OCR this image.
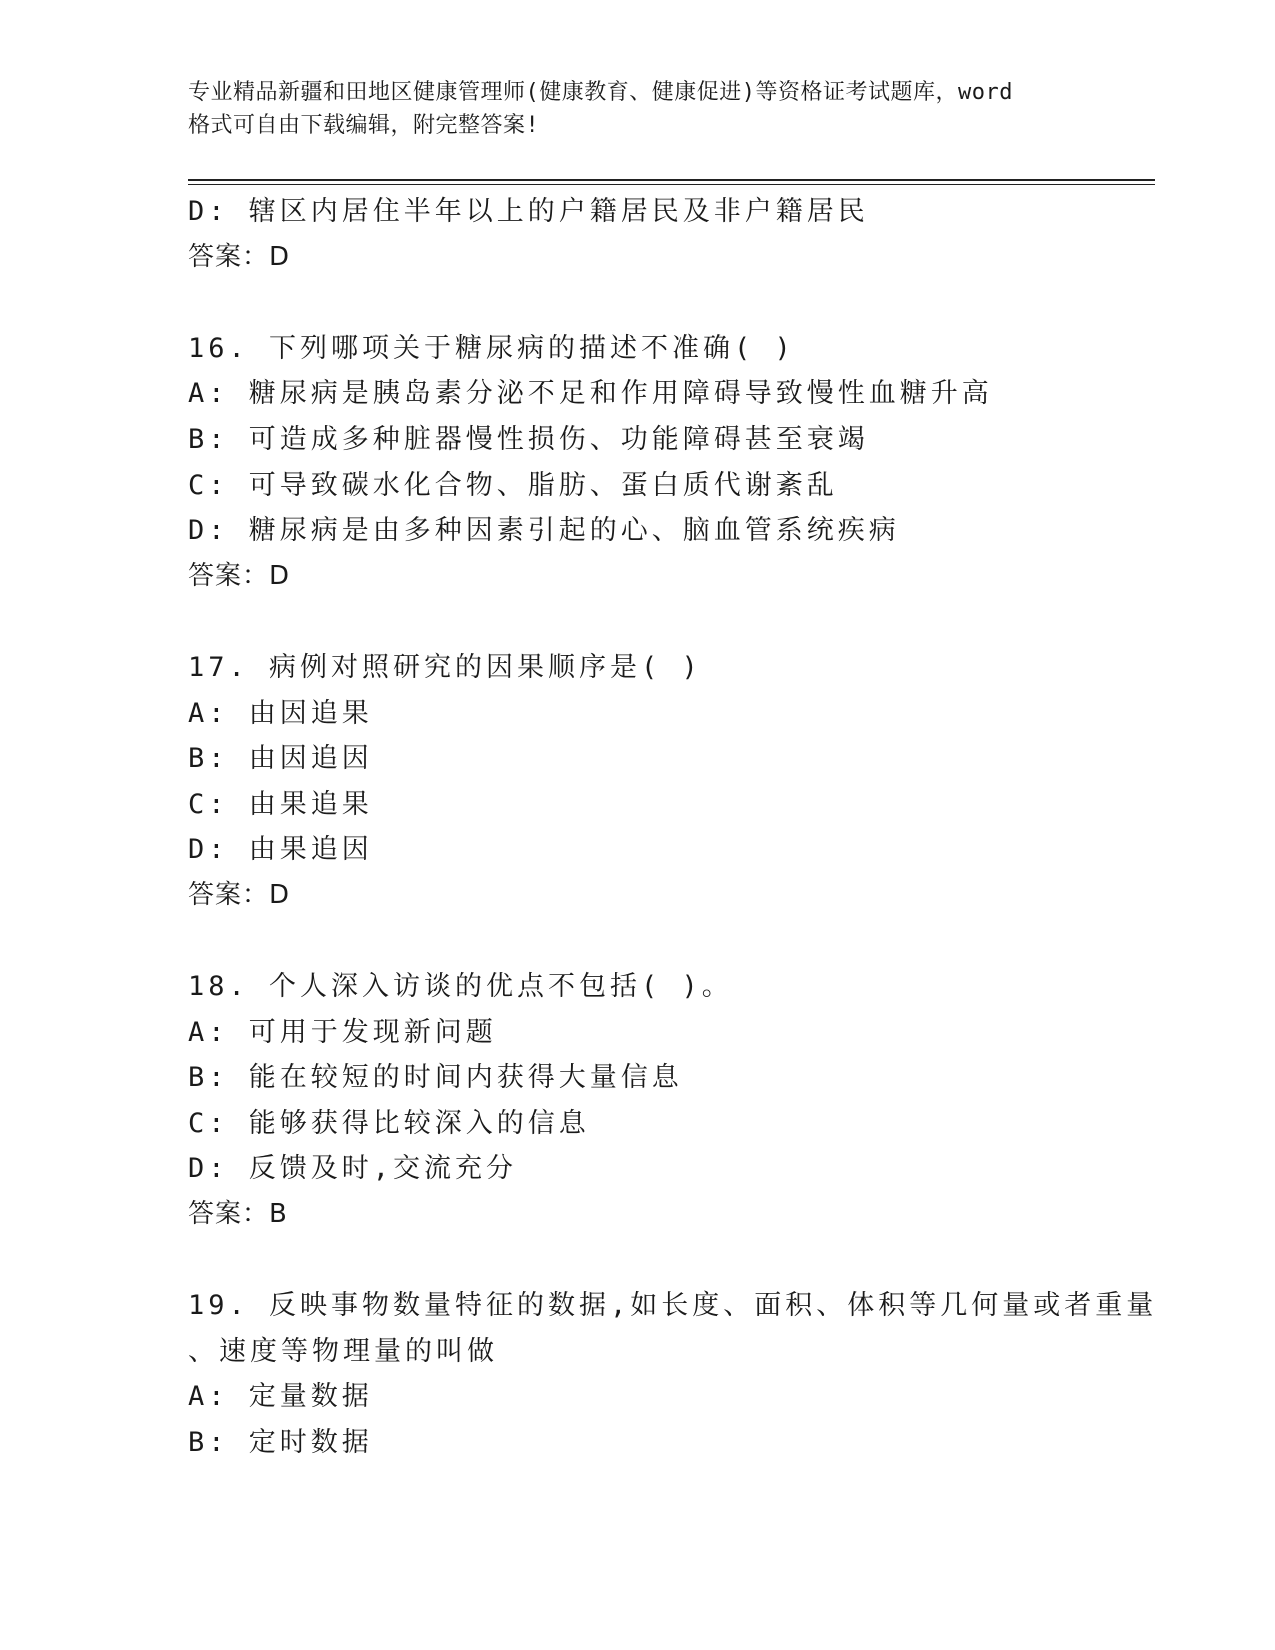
专业精品新疆和田地区健康管理师(健康教育、健康促进)等资格证考试题库，word
格式可自由下载编辑，附完整答案!
D: 辖区内居住半年以上的户籍居民及非户籍居民
答案：D
16. 下列哪项关于糖尿病的描述不准确( )
A: 糖尿病是胰岛素分泌不足和作用障碍导致慢性血糖升高
B: 可造成多种脏器慢性损伤、功能障碍甚至衰竭
C: 可导致碳水化合物、脂肪、蛋白质代谢紊乱
D: 糖尿病是由多种因素引起的心、脑血管系统疾病
答案：D
17. 病例对照研究的因果顺序是( )
A: 由因追果
B: 由因追因
C: 由果追果
D: 由果追因
答案：D
18. 个人深入访谈的优点不包括( )。
A: 可用于发现新问题
B: 能在较短的时间内获得大量信息
C: 能够获得比较深入的信息
D: 反馈及时,交流充分
答案：B
19. 反映事物数量特征的数据,如长度、面积、体积等几何量或者重量
、速度等物理量的叫做
A: 定量数据
B: 定时数据
